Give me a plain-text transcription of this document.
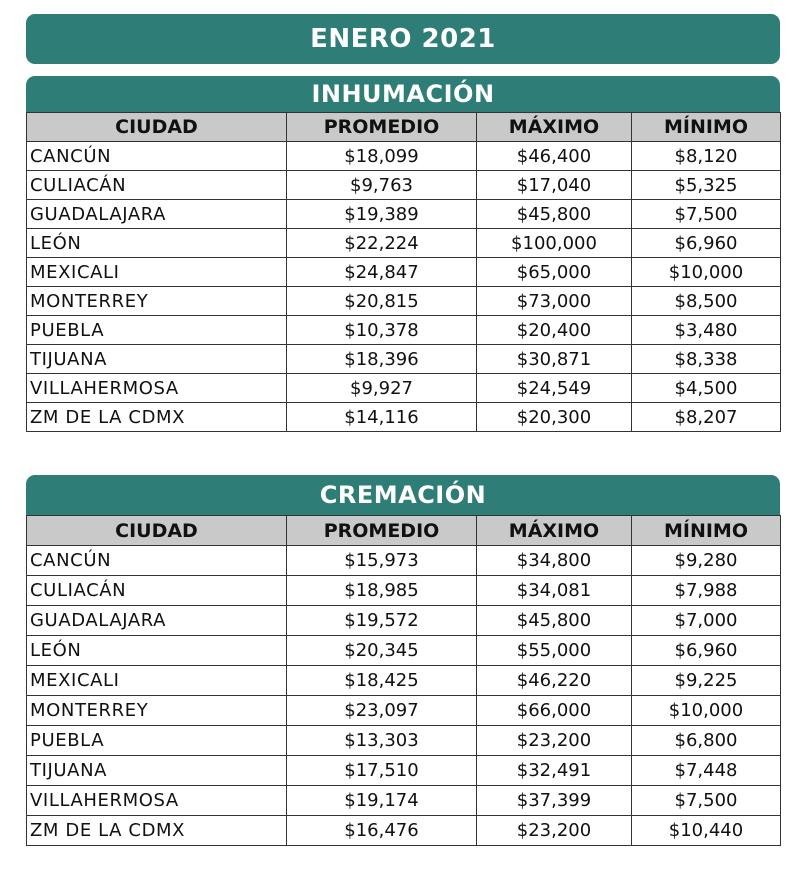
ENERO 2021
INHUMACIÓN
CIUDAD	PROMEDIO	MÁXIMO	MÍNIMO
CANCÚN	$18,099	$46,400	$8,120
CULIACÁN	$9,763	$17,040	$5,325
GUADALAJARA	$19,389	$45,800	$7,500
LEÓN	$22,224	$100,000	$6,960
MEXICALI	$24,847	$65,000	$10,000
MONTERREY	$20,815	$73,000	$8,500
PUEBLA	$10,378	$20,400	$3,480
TIJUANA	$18,396	$30,871	$8,338
VILLAHERMOSA	$9,927	$24,549	$4,500
ZM DE LA CDMX	$14,116	$20,300	$8,207
CREMACIÓN
CIUDAD	PROMEDIO	MÁXIMO	MÍNIMO
CANCÚN	$15,973	$34,800	$9,280
CULIACÁN	$18,985	$34,081	$7,988
GUADALAJARA	$19,572	$45,800	$7,000
LEÓN	$20,345	$55,000	$6,960
MEXICALI	$18,425	$46,220	$9,225
MONTERREY	$23,097	$66,000	$10,000
PUEBLA	$13,303	$23,200	$6,800
TIJUANA	$17,510	$32,491	$7,448
VILLAHERMOSA	$19,174	$37,399	$7,500
ZM DE LA CDMX	$16,476	$23,200	$10,440
